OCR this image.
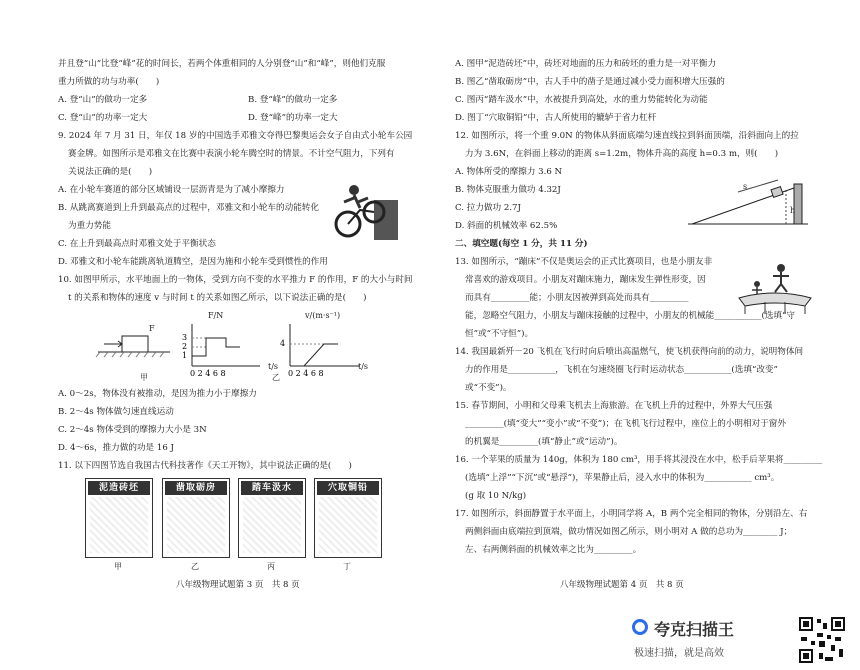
并且登“山”比登“峰”花的时间长，若两个体重相同的人分别登“山”和“峰”，则他们克服
重力所做的功与功率(　　)
A. 登“山”的做功一定多	B. 登“峰”的做功一定多
C. 登“山”的功率一定大	D. 登“峰”的功率一定大
9. 2024 年 7 月 31 日，年仅 18 岁的中国选手邓雅文夺得巴黎奥运会女子自由式小轮车公园
赛金牌。如图所示是邓雅文在比赛中表演小轮车腾空时的情景。不计空气阻力，下列有
关说法正确的是(　　)
A. 在小轮车赛道的部分区域铺设一层沥青是为了减小摩擦力
B. 从跳离赛道到上升到最高点的过程中，邓雅文和小轮车的动能转化
为重力势能
C. 在上升到最高点时邓雅文处于平衡状态
D. 邓雅文和小轮车能跳离轨道腾空，是因为施和小轮车受到惯性的作用
10. 如图甲所示，水平地面上的一物体，受到方向不变的水平推力 F 的作用，F 的大小与时间
t 的关系和物体的速度 v 与时间 t 的关系如图乙所示，以下说法正确的是(　　)
A. 0～2s，物体没有被推动，是因为推力小于摩擦力
B. 2～4s 物体做匀速直线运动
C. 2～4s 物体受到的摩擦力大小是 3N
D. 4～6s，推力做的功是 16 J
11. 以下四图节选自我国古代科技著作《天工开物》，其中说法正确的是(　　)
3
2
1
0 2 4 6 8
4
0 2 4 6 8
F
F/N	v/(m·s⁻¹)
t/s	t/s
甲	乙
泥造砖坯	凿取砺房	踏车汲水	穴取铜铅
甲	乙	丙	丁
八年级物理试题第 3 页　共 8 页
A. 图甲“泥造砖坯”中，砖坯对地面的压力和砖坯的重力是一对平衡力
B. 图乙“凿取砺房”中，古人手中的凿子是通过减小受力面积增大压强的
C. 图丙“踏车汲水”中，水被提升到高处，水的重力势能转化为动能
D. 图丁“穴取铜铅”中，古人所使用的辘轳于省力杠杆
12. 如图所示，将一个重 9.0N 的物体从斜面底端匀速直线拉到斜面顶端，沿斜面向上的拉
力为 3.6N，在斜面上移动的距离 s=1.2m，物体升高的高度 h=0.3 m，则(　　)
A. 物体所受的摩擦力 3.6 N
B. 物体克服重力做功 4.32J
C. 拉力做功 2.7J
D. 斜面的机械效率 62.5%
二、填空题(每空 1 分，共 11 分)
13. 如图所示，“蹦床”不仅是奥运会的正式比赛项目，也是小朋友非
常喜欢的游戏项目。小朋友对蹦床施力，蹦床发生弹性形变，因
而具有_________能；小朋友因被弹到高处而具有_________
能，忽略空气阻力，小朋友与蹦床接触的过程中，小朋友的机械能___________(选填“守
恒”或“不守恒”)。
14. 我国最新歼－20 飞机在飞行时向后喷出高温燃气，使飞机获得向前的动力，说明物体间
力的作用是___________，飞机在匀速绕圈飞行时运动状态___________(选填“改变”
或“不变”)。
15. 春节期间，小明和父母乘飞机去上海旅游。在飞机上升的过程中，外界大气压强
_________(填“变大”“变小”或“不变”)；在飞机飞行过程中，座位上的小明相对于窗外
的机翼是_________(填“静止”或“运动”)。
16. 一个苹果的质量为 140g，体积为 180 cm³，用手将其浸没在水中，松手后苹果将_________
(选填“上浮”“下沉”或“悬浮”)，苹果静止后，浸入水中的体积为___________ cm³。
(g 取 10 N/kg)
17. 如图所示，斜面静置于水平面上，小明同学将 A，B 两个完全相同的物体，分别沿左、右
两侧斜面由底端拉到顶端，做功情况如图乙所示，则小明对 A 做的总功为________ J；
左、右两侧斜面的机械效率之比为_________。
s
h
八年级物理试题第 4 页　共 8 页
夸克扫描王
极速扫描，就是高效
